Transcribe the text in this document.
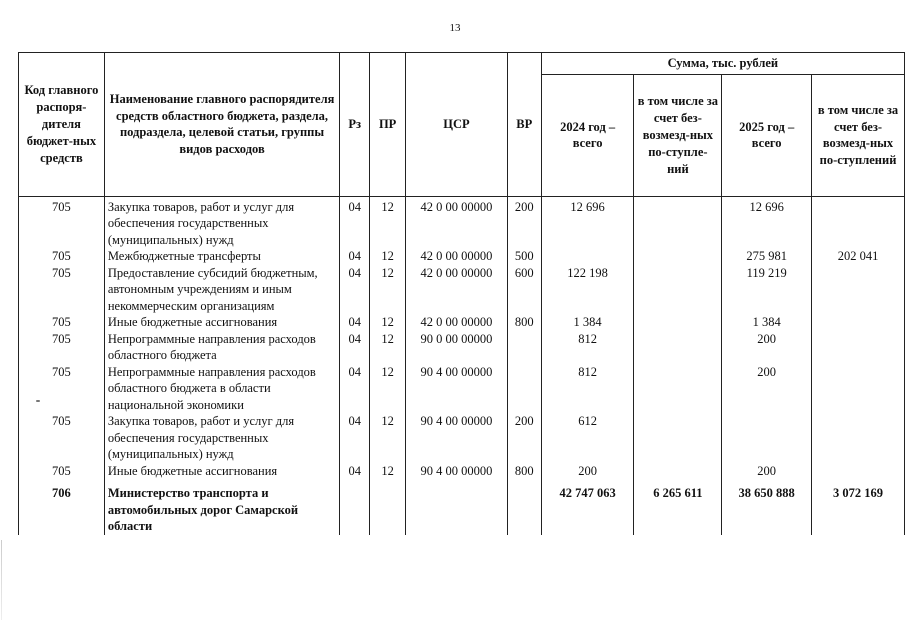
13
Код главного распоря-дителя бюджет-ных средств	Наименование главного распорядителя средств областного бюджета, раздела, подраздела, целевой статьи, группы видов расходов	Рз	ПР	ЦСР	ВР	Сумма, тыс. рублей			
						2024 год – всего	в том числе за счет без-возмезд-ных по-ступле-ний	2025 год – всего	в том числе за счет без-возмезд-ных по-ступлений
705	Закупка товаров, работ и услуг для обеспечения государственных (муниципальных) нужд	04	12	42 0 00 00000	200	12 696		12 696	
705	Межбюджетные трансферты	04	12	42 0 00 00000	500			275 981	202 041
705	Предоставление субсидий бюджетным, автономным учреждениям и иным некоммерческим организациям	04	12	42 0 00 00000	600	122 198		119 219	
705	Иные бюджетные ассигнования	04	12	42 0 00 00000	800	1 384		1 384	
705	Непрограммные направления расходов областного бюджета	04	12	90 0 00 00000		812		200	
705	Непрограммные направления расходов областного бюджета в области национальной экономики	04	12	90 4 00 00000		812		200	
705	Закупка товаров, работ и услуг для обеспечения государственных (муниципальных) нужд	04	12	90 4 00 00000	200	612			
705	Иные бюджетные ассигнования	04	12	90 4 00 00000	800	200		200	
706	Министерство транспорта и автомобильных дорог Самарской области					42 747 063	6 265 611	38 650 888	3 072 169
